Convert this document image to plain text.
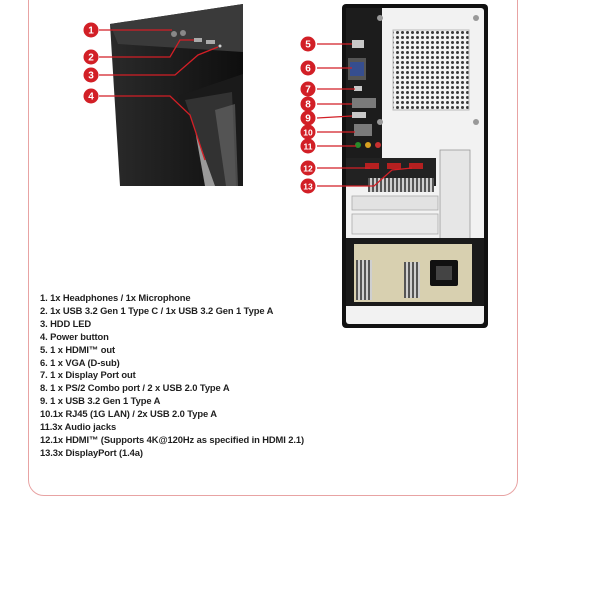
1
2
3
4
5
6
7
8
9
10
11
12
13
1. 1x Headphones / 1x Microphone
2. 1x USB 3.2 Gen 1 Type C / 1x USB 3.2 Gen 1 Type A
3. HDD LED
4. Power button
5. 1 x HDMI™ out
6. 1 x VGA (D-sub)
7. 1 x Display Port out
8. 1 x PS/2 Combo port / 2 x USB 2.0 Type A
9. 1 x USB 3.2 Gen 1 Type A
10.1x RJ45 (1G LAN) / 2x USB 2.0 Type A
11.3x Audio jacks
12.1x HDMI™ (Supports 4K@120Hz as specified in HDMI 2.1)
13.3x DisplayPort (1.4a)
